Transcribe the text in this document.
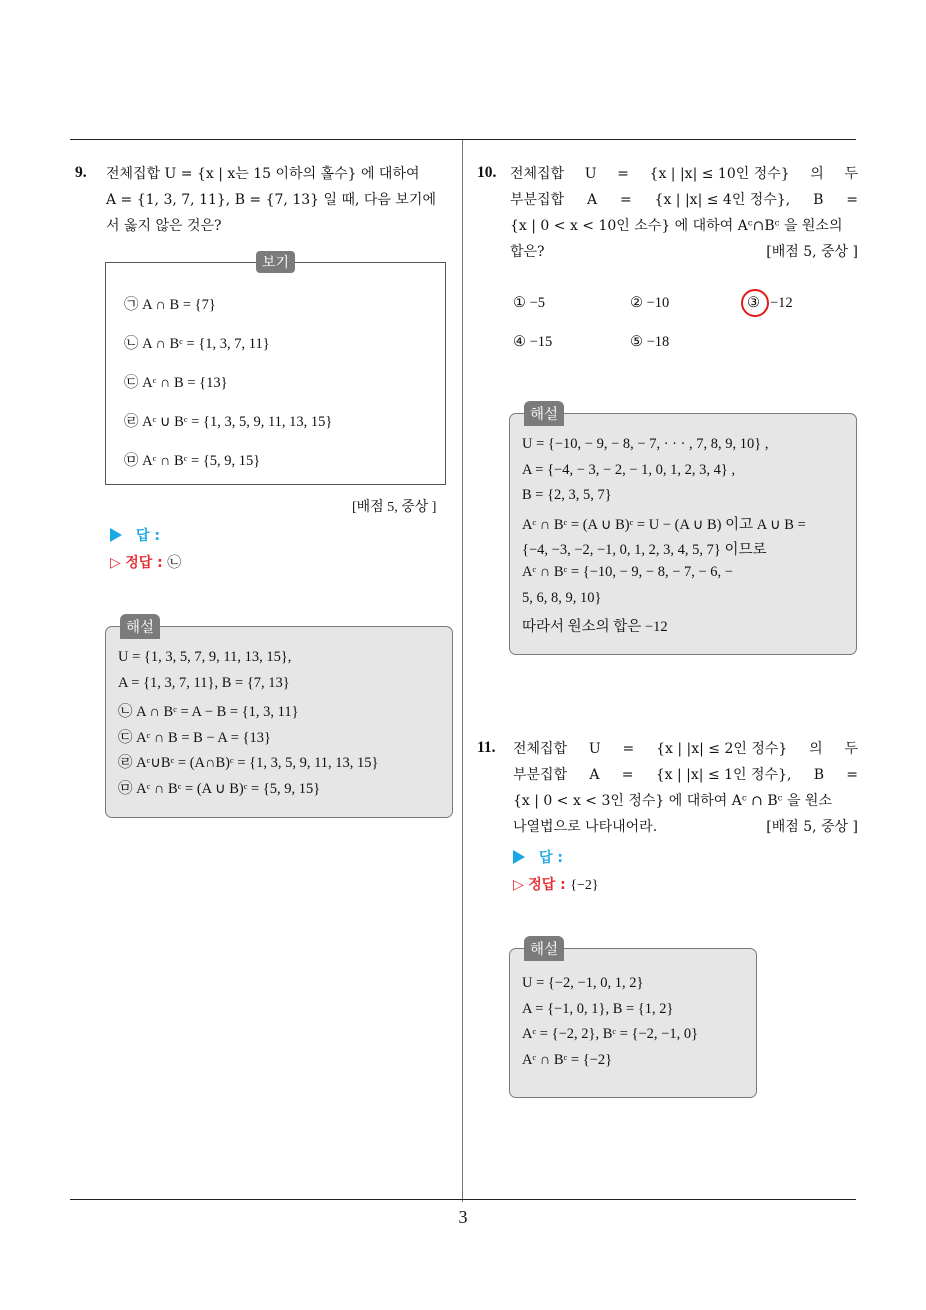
9. 전체집합 U = {x | x는 15 이하의 홀수} 에 대하여
A = {1, 3, 7, 11}, B = {7, 13} 일 때, 다음 보기에
서 옳지 않은 것은?
보기
㉠ A ∩ B = {7}
㉡ A ∩ Bᶜ = {1, 3, 7, 11}
㉢ Aᶜ ∩ B = {13}
㉣ Aᶜ ∪ Bᶜ = {1, 3, 5, 9, 11, 13, 15}
㉤ Aᶜ ∩ Bᶜ = {5, 9, 15}
[배점 5, 중상 ]
답 :
▷ 정답 : ㉡
해설
U = {1, 3, 5, 7, 9, 11, 13, 15},
A = {1, 3, 7, 11}, B = {7, 13}
㉡ A ∩ Bᶜ = A − B = {1, 3, 11}
㉢ Aᶜ ∩ B = B − A = {13}
㉣ Aᶜ∪Bᶜ = (A∩B)ᶜ = {1, 3, 5, 9, 11, 13, 15}
㉤ Aᶜ ∩ Bᶜ = (A ∪ B)ᶜ = {5, 9, 15}
10. 전체집합 U = {x | |x| ≤ 10인 정수} 의 두
부분집합 A = {x | |x| ≤ 4인 정수}, B =
{x | 0 < x < 10인 소수} 에 대하여 Aᶜ∩Bᶜ 을 원소의
합은?	[배점 5, 중상 ]
① −5	② −10	③ −12
④ −15	⑤ −18
해설
U = {−10, − 9, − 8, − 7, · · · , 7, 8, 9, 10} ,
A = {−4, − 3, − 2, − 1, 0, 1, 2, 3, 4} ,
B = {2, 3, 5, 7}
Aᶜ ∩ Bᶜ = (A ∪ B)ᶜ = U − (A ∪ B) 이고 A ∪ B =
{−4, −3, −2, −1, 0, 1, 2, 3, 4, 5, 7} 이므로
Aᶜ ∩ Bᶜ = {−10, − 9, − 8, − 7, − 6, −
5, 6, 8, 9, 10}
따라서 원소의 합은 −12
11. 전체집합 U = {x | |x| ≤ 2인 정수} 의 두
부분집합 A = {x | |x| ≤ 1인 정수}, B =
{x | 0 < x < 3인 정수} 에 대하여 Aᶜ ∩ Bᶜ 을 원소
나열법으로 나타내어라.	[배점 5, 중상 ]
답 :
▷ 정답 : {−2}
해설
U = {−2, −1, 0, 1, 2}
A = {−1, 0, 1}, B = {1, 2}
Aᶜ = {−2, 2}, Bᶜ = {−2, −1, 0}
Aᶜ ∩ Bᶜ = {−2}
3
